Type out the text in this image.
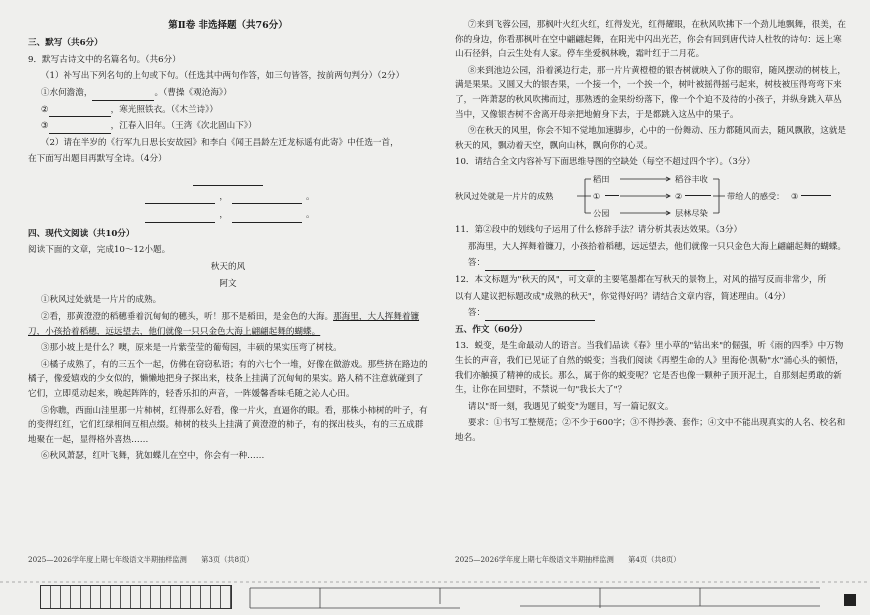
第Ⅱ卷 非选择题（共76分）
三、默写（共6分）
9．默写古诗文中的名篇名句。（共6分）
（1）补写出下列名句的上句或下句。（任选其中两句作答，如三句皆答，按前两句判分）（2分）
①水何澹澹，	。（曹操《观沧海》）
②	，寒光照铁衣。（《木兰诗》）
③	，江春入旧年。（王湾《次北固山下》）
（2）请在半岁的《行军九日思长安故园》和李白《闻王昌龄左迁龙标遥有此寄》中任选一首，
在下面写出题目再默写全诗。（4分）
，	。
，	。
四、现代文阅读（共10分）
阅读下面的文章，完成10～12小题。
秋天的风
阿文
①秋风过处就是一片片的成熟。
②看，那黄澄澄的稻穗垂着沉甸甸的穗头，听！那不是稻田，是金色的大海。那海里，大人挥舞着镰刀，小孩拾着稻穗，远远望去，他们就像一只只金色大海上翩翩起舞的蝴蝶。
③那小坡上是什么？噢，原来是一片紫莹莹的葡萄园，丰硕的果实压弯了树枝。
④橘子成熟了，有的三五个一起，仿佛在窃窃私语；有的六七个一堆，好像在做游戏。那些挤在路边的橘子，像爱嬉戏的少女似的，懒懒地把身子探出来，枝条上挂满了沉甸甸的果实。路人稍不注意就碰到了它们，立即觅动起来，晚起阵阵的，轻香乐扣的声音，一阵媛馨香味毛随之沁人心田。
⑤你瞧，西面山洼里那一片柿树，红得那么好看，像一片火，直逼你的眼。看，那株小柿树的叶子，有的变得红红，它们红绿相间互相点缀。柿树的枝头上挂满了黄澄澄的柿子，有的探出枝头，有的三五成群地聚在一起，显得格外喜热……
⑥秋风萧瑟，红叶飞舞，犹如蝶儿在空中，你会有一种……
2025—2026学年度上期七年级语文半期抽样监测　　第3页（共8页）
⑦来到飞蓉公园，那枫叶火红火红，红得发光，红得耀眼，在秋风吹拂下一个劲儿地飘舞，很美，在你的身边，你看那枫叶在空中翩翩起舞，在阳光中闪出光芒，你会有回到唐代诗人杜牧的诗句：远上寒山石径斜，白云生处有人家。停车坐爱枫林晚，霜叶红于二月花。
⑧来到池边公园，沿着溪边行走，那一片片黄橙橙的银杏树就映入了你的眼帘，随风摆动的树枝上，满是果果。又圆又大的银杏果，一个接一个，一个挨一个，树叶被摇得摇弓起来，树枝被压得弯弯下来了，一阵萧瑟的秋风吹拂而过，那熟透的金果纷纷落下，像一个个迫不及待的小孩子，并纵身跳入草丛当中，又像银杏树不舍离开母亲把地俯身下去，于是都跳入这丛中的果子。
⑨在秋天的风里，你会不知不觉地加速脚步，心中的一份舞动、压力都随风而去，随风飘散，这就是秋天的风，飘动着天空，飘向山林，飘向你的心灵。
10．请结合全文内容补写下面思维导图的空缺处（每空不超过四个字）。（3分）
秋风过处就是一片片的成熟
稻田
①
公园
稻谷丰收
②
层林尽染
带给人的感受： ③
11．第②段中的划线句子运用了什么修辞手法？请分析其表达效果。（3分）
那海里，大人挥舞着镰刀，小孩拾着稻穗，远远望去，他们就像一只只金色大海上翩翩起舞的蝴蝶。
答：
12．本文标题为"秋天的风"，可文章的主要笔墨都在写秋天的景物上，对风的描写反而非常少，所
以有人建议把标题改成"成熟的秋天"，你觉得好吗？请结合文章内容，简述理由。（4分）
答：
五、作文（60分）
13．蜕变，是生命最动人的语言。当我们品读《春》里小草的"钻出来"的倔强，听《雨的四季》中万物生长的声音，我们已见证了自然的蜕变；当我们阅读《再塑生命的人》里海伦·凯勒"水"涌心头的顿悟，我们亦触摸了精神的成长。那么，属于你的蜕变呢？它是否也像一颗种子顶开泥土，自那刻起勇敢的新生，让你在回望时，不禁说一句"我长大了"？
请以"哥一刻，我遇见了蜕变"为题目，写一篇记叙文。
要求：①书写工整规范；②不少于600字；③不得抄袭、套作；④文中不能出现真实的人名、校名和地名。
2025—2026学年度上期七年级语文半期抽样监测　　第4页（共8页）
